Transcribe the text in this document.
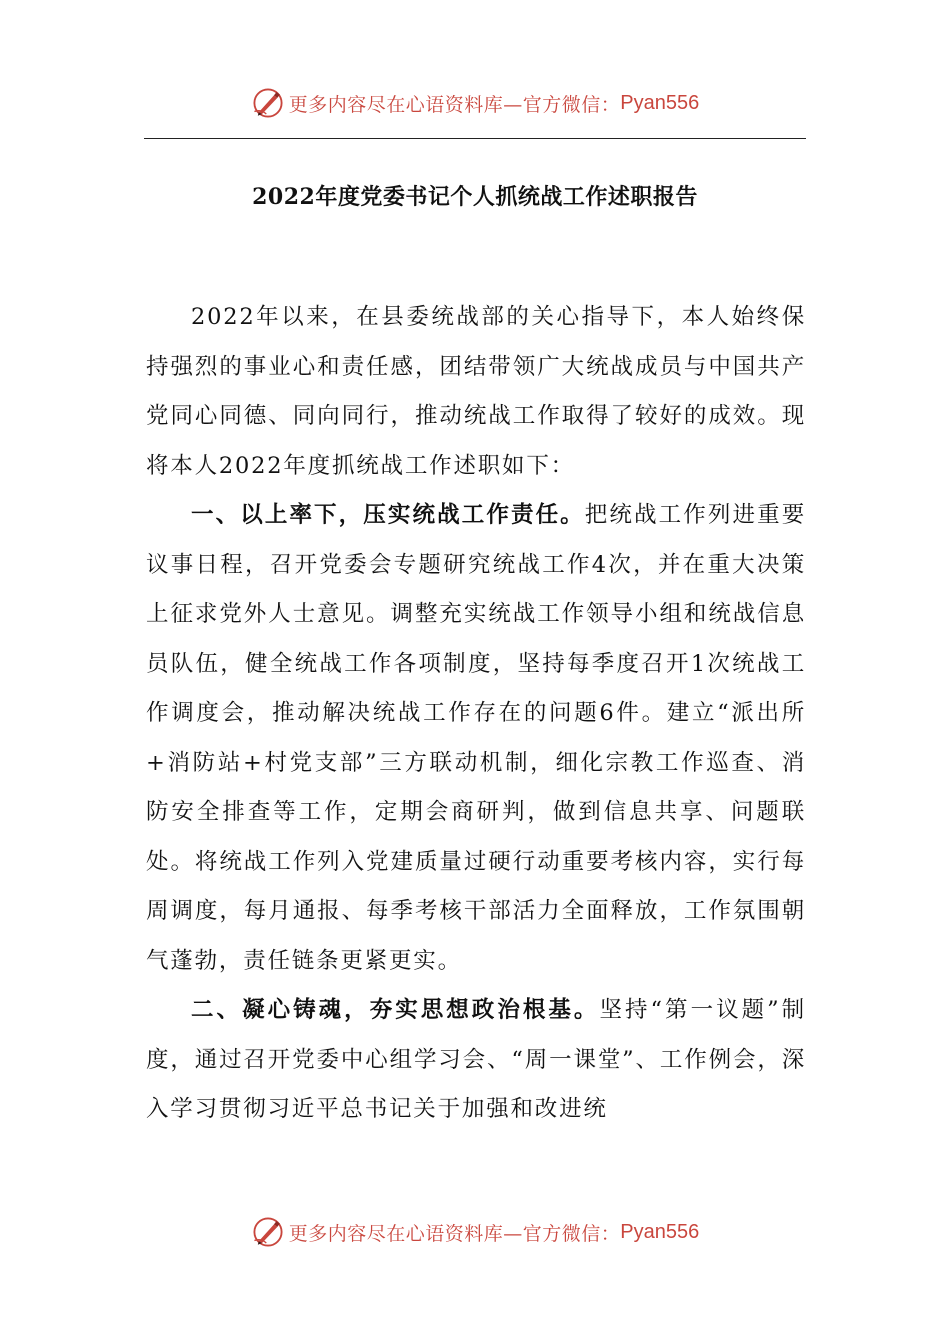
更多内容尽在心语资料库—官方微信： Pyan556
2022年度党委书记个人抓统战工作述职报告

2022年以来，在县委统战部的关心指导下，本人始终保持强烈的事业心和责任感，团结带领广大统战成员与中国共产党同心同德、同向同行，推动统战工作取得了较好的成效。现将本人2022年度抓统战工作述职如下：

一、以上率下，压实统战工作责任。把统战工作列进重要议事日程，召开党委会专题研究统战工作4次，并在重大决策上征求党外人士意见。调整充实统战工作领导小组和统战信息员队伍，健全统战工作各项制度，坚持每季度召开1次统战工作调度会，推动解决统战工作存在的问题6件。建立“派出所+消防站+村党支部”三方联动机制，细化宗教工作巡查、消防安全排查等工作，定期会商研判，做到信息共享、问题联处。将统战工作列入党建质量过硬行动重要考核内容，实行每周调度，每月通报、每季考核干部活力全面释放，工作氛围朝气蓬勃，责任链条更紧更实。

二、凝心铸魂，夯实思想政治根基。坚持“第一议题”制度，通过召开党委中心组学习会、“周一课堂”、工作例会，深入学习贯彻习近平总书记关于加强和改进统

更多内容尽在心语资料库—官方微信： Pyan556
